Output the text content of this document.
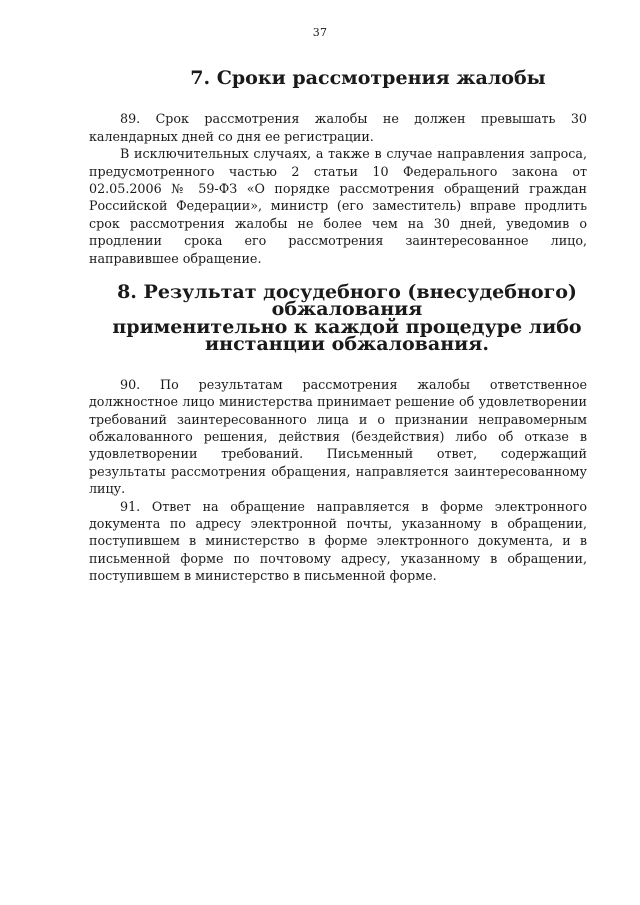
37
7. Сроки рассмотрения жалобы

89. Срок рассмотрения жалобы не должен превышать 30 календарных дней со дня ее регистрации.

В исключительных случаях, а также в случае направления запроса, предусмотренного частью 2 статьи 10 Федерального закона от 02.05.2006 № 59-ФЗ «О порядке рассмотрения обращений граждан Российской Федерации», министр (его заместитель) вправе продлить срок рассмотрения жалобы не более чем на 30 дней, уведомив о продлении срока его рассмотрения заинтересованное лицо, направившее обращение.

8. Результат досудебного (внесудебного) обжалования
применительно к каждой процедуре либо инстанции обжалования.

90. По результатам рассмотрения жалобы ответственное должностное лицо министерства принимает решение об удовлетворении требований заинтересованного лица и о признании неправомерным обжалованного решения, действия (бездействия) либо об отказе в удовлетворении требований. Письменный ответ, содержащий результаты рассмотрения обращения, направляется заинтересованному лицу.

91. Ответ на обращение направляется в форме электронного документа по адресу электронной почты, указанному в обращении, поступившем в министерство в форме электронного документа, и в письменной форме по почтовому адресу, указанному в обращении, поступившем в министерство в письменной форме.
